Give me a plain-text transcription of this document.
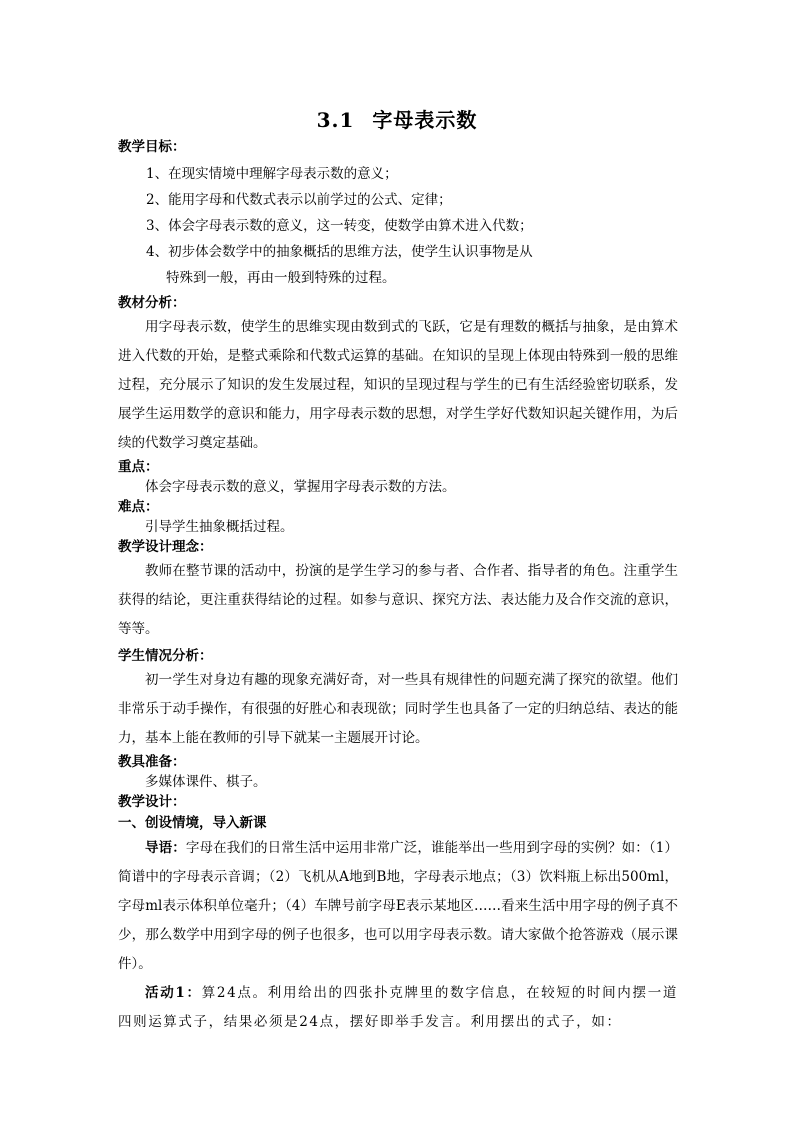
3.1 字母表示数
教学目标：
1、在现实情境中理解字母表示数的意义；
2、能用字母和代数式表示以前学过的公式、定律；
3、体会字母表示数的意义，这一转变，使数学由算术进入代数；
4、初步体会数学中的抽象概括的思维方法，使学生认识事物是从
特殊到一般，再由一般到特殊的过程。
教材分析：

用字母表示数，使学生的思维实现由数到式的飞跃，它是有理数的概括与抽象，是由算术进入代数的开始，是整式乘除和代数式运算的基础。在知识的呈现上体现由特殊到一般的思维过程，充分展示了知识的发生发展过程，知识的呈现过程与学生的已有生活经验密切联系，发展学生运用数学的意识和能力，用字母表示数的思想，对学生学好代数知识起关键作用，为后续的代数学习奠定基础。

重点：

体会字母表示数的意义，掌握用字母表示数的方法。

难点：

引导学生抽象概括过程。

教学设计理念：

教师在整节课的活动中，扮演的是学生学习的参与者、合作者、指导者的角色。注重学生获得的结论，更注重获得结论的过程。如参与意识、探究方法、表达能力及合作交流的意识，等等。

学生情况分析：

初一学生对身边有趣的现象充满好奇，对一些具有规律性的问题充满了探究的欲望。他们非常乐于动手操作，有很强的好胜心和表现欲；同时学生也具备了一定的归纳总结、表达的能力，基本上能在教师的引导下就某一主题展开讨论。

教具准备：

多媒体课件、棋子。

教学设计：
一、创设情境，导入新课

导语：字母在我们的日常生活中运用非常广泛，谁能举出一些用到字母的实例？如：（1）简谱中的字母表示音调；（2）飞机从A地到B地，字母表示地点；（3）饮料瓶上标出500ml，字母ml表示体积单位毫升；（4）车牌号前字母E表示某地区……看来生活中用字母的例子真不少，那么数学中用到字母的例子也很多，也可以用字母表示数。请大家做个抢答游戏（展示课件）。

活动1：算24点。利用给出的四张扑克牌里的数字信息，在较短的时间内摆一道四则运算式子，结果必须是24点，摆好即举手发言。利用摆出的式子，如：
